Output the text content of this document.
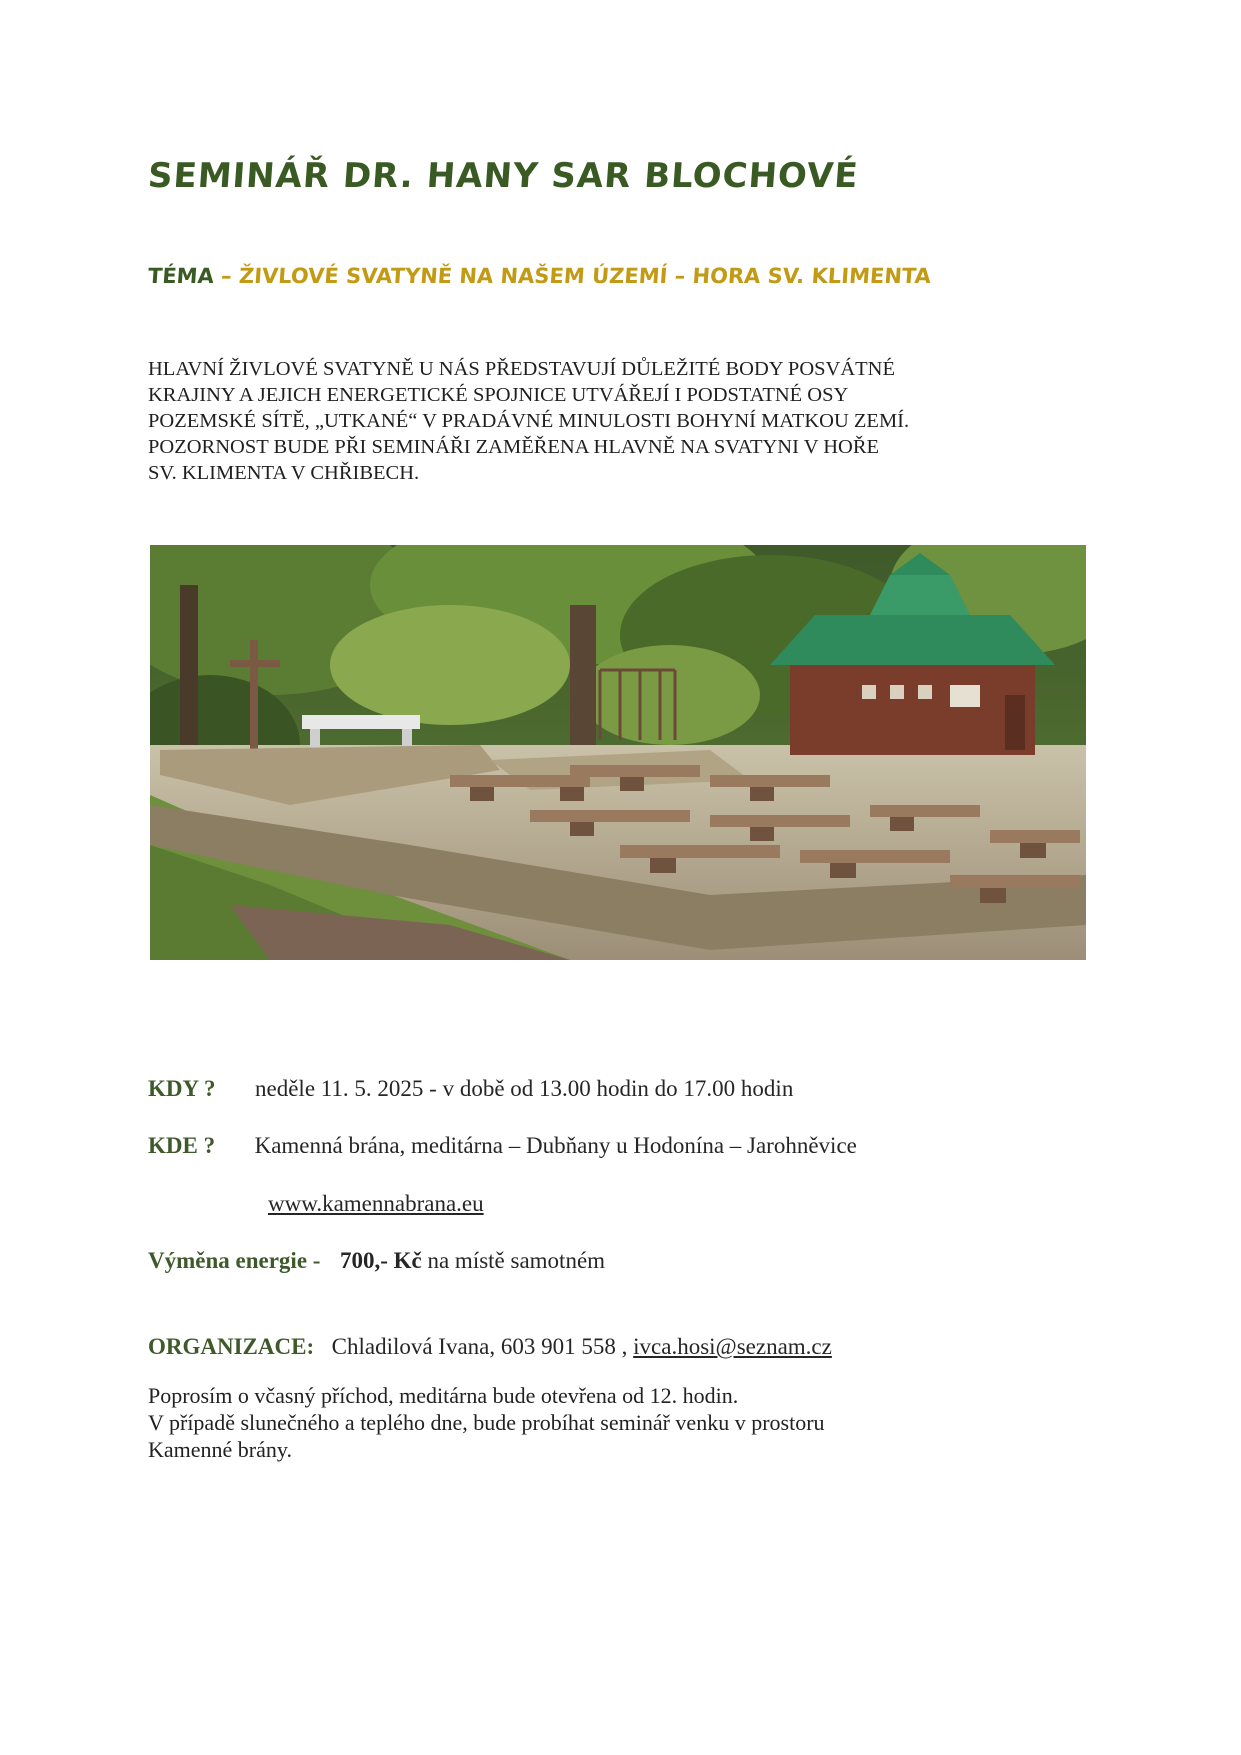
SEMINÁŘ DR. HANY SAR BLOCHOVÉ
TÉMA – ŽIVLOVÉ SVATYNĚ NA NAŠEM ÚZEMÍ – HORA SV. KLIMENTA
HLAVNÍ ŽIVLOVÉ SVATYNĚ U NÁS PŘEDSTAVUJÍ DŮLEŽITÉ BODY POSVÁTNÉ
KRAJINY A JEJICH ENERGETICKÉ SPOJNICE UTVÁŘEJÍ I PODSTATNÉ OSY
POZEMSKÉ SÍTĚ, „UTKANÉ“ V PRADÁVNÉ MINULOSTI BOHYNÍ MATKOU ZEMÍ.
POZORNOST BUDE PŘI SEMINÁŘI ZAMĚŘENA HLAVNĚ NA SVATYNI V HOŘE
SV. KLIMENTA V CHŘIBECH.
KDY ? neděle 11. 5. 2025 - v době od 13.00 hodin do 17.00 hodin
KDE ? Kamenná brána, meditárna – Dubňany u Hodonína – Jarohněvice
www.kamennabrana.eu
Výměna energie - 700,- Kč na místě samotném
ORGANIZACE: Chladilová Ivana, 603 901 558 , ivca.hosi@seznam.cz
Poprosím o včasný příchod, meditárna bude otevřena od 12. hodin.
V případě slunečného a teplého dne, bude probíhat seminář venku v prostoru
Kamenné brány.
